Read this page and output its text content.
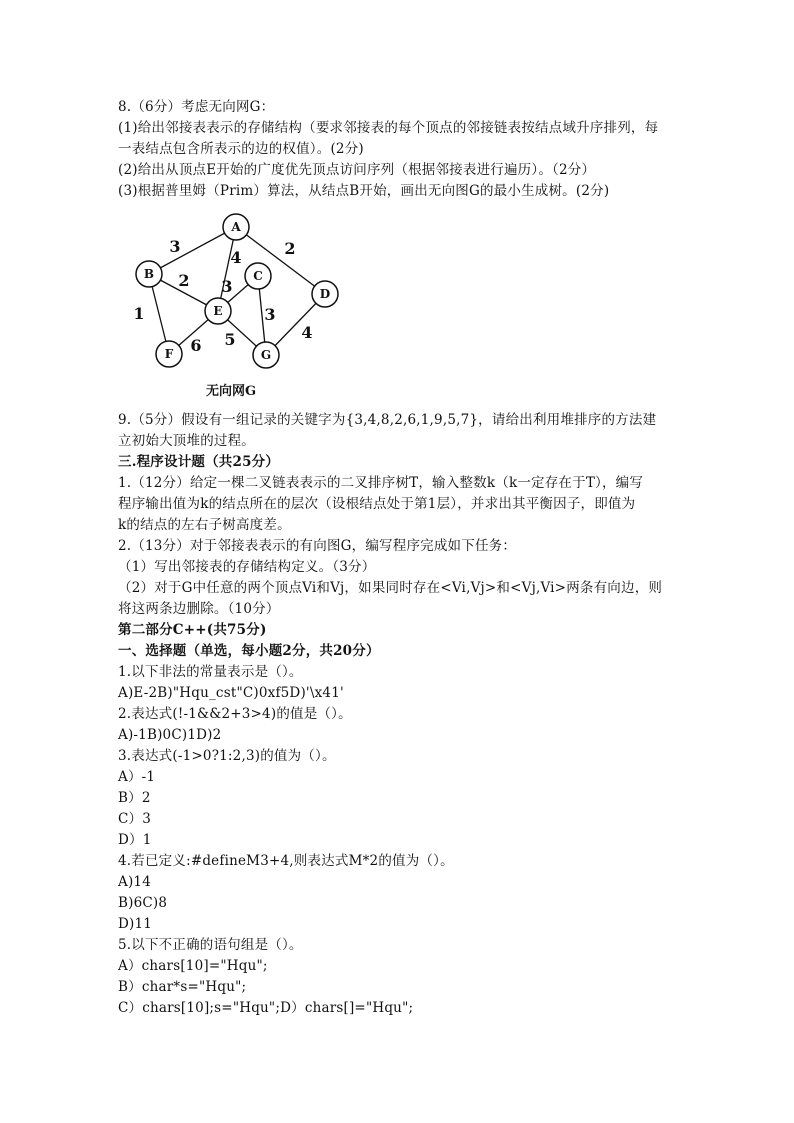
8.（6分）考虑无向网G：
(1)给出邻接表表示的存储结构（要求邻接表的每个顶点的邻接链表按结点域升序排列，每
一表结点包含所表示的边的权值）。(2分)
(2)给出从顶点E开始的广度优先顶点访问序列（根据邻接表进行遍历）。（2分）
(3)根据普里姆（Prim）算法，从结点B开始，画出无向图G的最小生成树。(2分)
A
B	C
D
E
F	G
3
4	2
2 3
1	3
6 5	4
无向网G
9.（5分）假设有一组记录的关键字为{3,4,8,2,6,1,9,5,7}，请给出利用堆排序的方法建
立初始大顶堆的过程。
三.程序设计题（共25分）
1.（12分）给定一棵二叉链表表示的二叉排序树T，输入整数k（k一定存在于T），编写
程序输出值为k的结点所在的层次（设根结点处于第1层），并求出其平衡因子，即值为
k的结点的左右子树高度差。
2.（13分）对于邻接表表示的有向图G，编写程序完成如下任务：
（1）写出邻接表的存储结构定义。（3分）
（2）对于G中任意的两个顶点Vi和Vj，如果同时存在<Vi,Vj>和<Vj,Vi>两条有向边，则
将这两条边删除。（10分）
第二部分C++(共75分)
一、选择题（单选，每小题2分，共20分）
1.以下非法的常量表示是（）。
A)E-2B)"Hqu_cst"C)0xf5D)'\x41'
2.表达式(!-1&&2+3>4)的值是（）。
A)-1B)0C)1D)2
3.表达式(-1>0?1:2,3)的值为（）。
A）-1
B）2
C）3
D）1
4.若已定义:#defineM3+4,则表达式M*2的值为（）。
A)14
B)6C)8
D)11
5.以下不正确的语句组是（）。
A）chars[10]="Hqu";
B）char*s="Hqu";
C）chars[10];s="Hqu";D）chars[]="Hqu";
